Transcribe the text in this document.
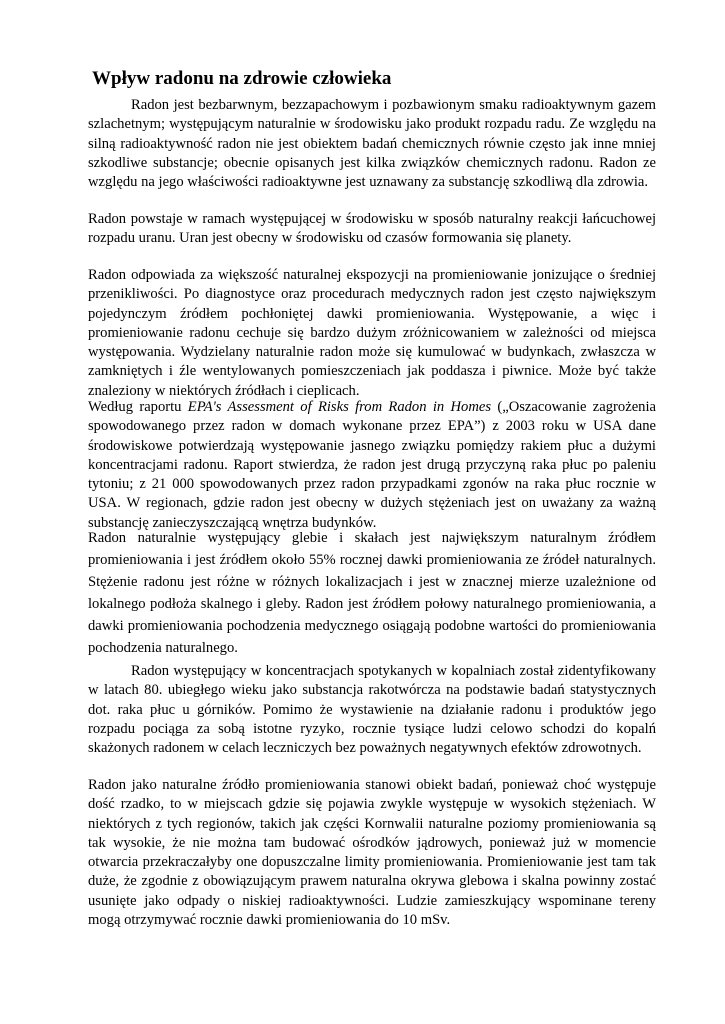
Wpływ radonu na zdrowie człowieka

Radon jest bezbarwnym, bezzapachowym i pozbawionym smaku radioaktywnym gazem szlachetnym; występującym naturalnie w środowisku jako produkt rozpadu radu. Ze względu na silną radioaktywność radon nie jest obiektem badań chemicznych równie często jak inne mniej szkodliwe substancje; obecnie opisanych jest kilka związków chemicznych radonu. Radon ze względu na jego właściwości radioaktywne jest uznawany za substancję szkodliwą dla zdrowia.

Radon powstaje w ramach występującej w środowisku w sposób naturalny reakcji łańcuchowej rozpadu uranu. Uran jest obecny w środowisku od czasów formowania się planety.

Radon odpowiada za większość naturalnej ekspozycji na promieniowanie jonizujące o średniej przenikliwości. Po diagnostyce oraz procedurach medycznych radon jest często największym pojedynczym źródłem pochłoniętej dawki promieniowania. Występowanie, a więc i promieniowanie radonu cechuje się bardzo dużym zróżnicowaniem w zależności od miejsca występowania. Wydzielany naturalnie radon może się kumulować w budynkach, zwłaszcza w zamkniętych i źle wentylowanych pomieszczeniach jak poddasza i piwnice. Może być także znaleziony w niektórych źródłach i cieplicach.

Według raportu EPA's Assessment of Risks from Radon in Homes („Oszacowanie zagrożenia spowodowanego przez radon w domach wykonane przez EPA”) z 2003 roku w USA dane środowiskowe potwierdzają występowanie jasnego związku pomiędzy rakiem płuc a dużymi koncentracjami radonu. Raport stwierdza, że radon jest drugą przyczyną raka płuc po paleniu tytoniu; z 21 000 spowodowanych przez radon przypadkami zgonów na raka płuc rocznie w USA. W regionach, gdzie radon jest obecny w dużych stężeniach jest on uważany za ważną substancję zanieczyszczającą wnętrza budynków.

Radon naturalnie występujący glebie i skałach jest największym naturalnym źródłem promieniowania i jest źródłem około 55% rocznej dawki promieniowania ze źródeł naturalnych. Stężenie radonu jest różne w różnych lokalizacjach i jest w znacznej mierze uzależnione od lokalnego podłoża skalnego i gleby. Radon jest źródłem połowy naturalnego promieniowania, a dawki promieniowania pochodzenia medycznego osiągają podobne wartości do promieniowania pochodzenia naturalnego.

Radon występujący w koncentracjach spotykanych w kopalniach został zidentyfikowany w latach 80. ubiegłego wieku jako substancja rakotwórcza na podstawie badań statystycznych dot. raka płuc u górników. Pomimo że wystawienie na działanie radonu i produktów jego rozpadu pociąga za sobą istotne ryzyko, rocznie tysiące ludzi celowo schodzi do kopalń skażonych radonem w celach leczniczych bez poważnych negatywnych efektów zdrowotnych.

Radon jako naturalne źródło promieniowania stanowi obiekt badań, ponieważ choć występuje dość rzadko, to w miejscach gdzie się pojawia zwykle występuje w wysokich stężeniach. W niektórych z tych regionów, takich jak części Kornwalii naturalne poziomy promieniowania są tak wysokie, że nie można tam budować ośrodków jądrowych, ponieważ już w momencie otwarcia przekraczałyby one dopuszczalne limity promieniowania. Promieniowanie jest tam tak duże, że zgodnie z obowiązującym prawem naturalna okrywa glebowa i skalna powinny zostać usunięte jako odpady o niskiej radioaktywności. Ludzie zamieszkujący wspominane tereny mogą otrzymywać rocznie dawki promieniowania do 10 mSv.
